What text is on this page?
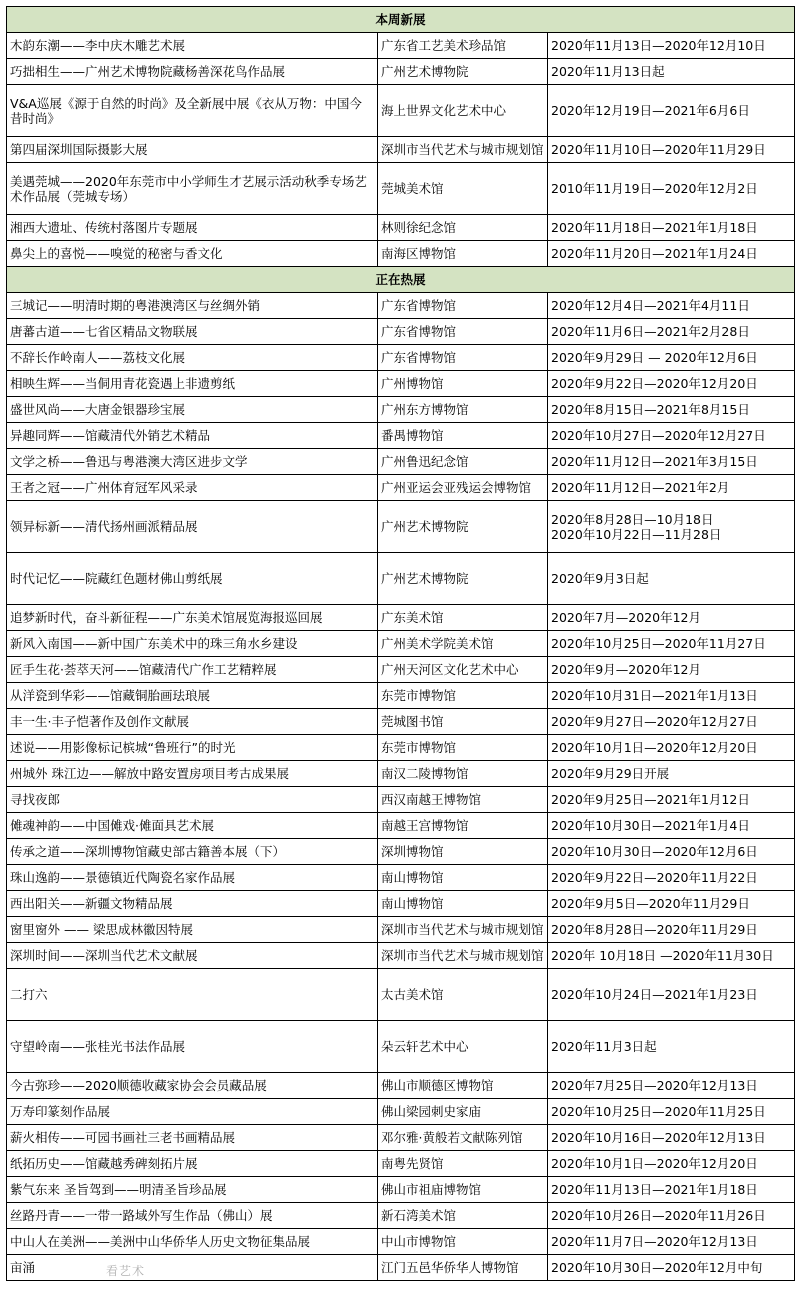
本周新展		
木韵东潮——李中庆木雕艺术展	广东省工艺美术珍品馆	2020年11月13日—2020年12月10日

巧拙相生——广州艺术博物院藏杨善深花鸟作品展	广州艺术博物院	2020年11月13日起

V&A巡展《源于自然的时尚》及全新展中展《衣从万物：中国今昔时尚》	海上世界文化艺术中心	2020年12月19日—2021年6月6日

第四届深圳国际摄影大展	深圳市当代艺术与城市规划馆	2020年11月10日—2020年11月29日

美遇莞城——2020年东莞市中小学师生才艺展示活动秋季专场艺术作品展（莞城专场）	莞城美术馆	2010年11月19日—2020年12月2日

湘西大遗址、传统村落图片专题展	林则徐纪念馆	2020年11月18日—2021年1月18日

鼻尖上的喜悦——嗅觉的秘密与香文化	南海区博物馆	2020年11月20日—2021年1月24日

正在热展		
三城记——明清时期的粤港澳湾区与丝绸外销	广东省博物馆	2020年12月4日—2021年4月11日

唐蕃古道——七省区精品文物联展	广东省博物馆	2020年11月6日—2021年2月28日

不辞长作岭南人——荔枝文化展	广东省博物馆	2020年9月29日 — 2020年12月6日

相映生辉——当侗用青花瓷遇上非遗剪纸	广州博物馆	2020年9月22日—2020年12月20日

盛世风尚——大唐金银器珍宝展	广州东方博物馆	2020年8月15日—2021年8月15日

异趣同辉——馆藏清代外销艺术精品	番禺博物馆	2020年10月27日—2020年12月27日

文学之桥——鲁迅与粤港澳大湾区进步文学	广州鲁迅纪念馆	2020年11月12日—2021年3月15日

王者之冠——广州体育冠军风采录	广州亚运会亚残运会博物馆	2020年11月12日—2021年2月

领异标新——清代扬州画派精品展	广州艺术博物院	2020年8月28日—10月18日
2020年10月22日—11月28日

时代记忆——院藏红色题材佛山剪纸展	广州艺术博物院	2020年9月3日起

追梦新时代，奋斗新征程——广东美术馆展览海报巡回展	广东美术馆	2020年7月—2020年12月

新风入南国——新中国广东美术中的珠三角水乡建设	广州美术学院美术馆	2020年10月25日—2020年11月27日

匠手生花·荟萃天河——馆藏清代广作工艺精粹展	广州天河区文化艺术中心	2020年9月—2020年12月

从洋瓷到华彩——馆藏铜胎画珐琅展	东莞市博物馆	2020年10月31日—2021年1月13日

丰一生·丰子恺著作及创作文献展	莞城图书馆	2020年9月27日—2020年12月27日

述说——用影像标记槟城“鲁班行”的时光	东莞市博物馆	2020年10月1日—2020年12月20日

州城外 珠江边——解放中路安置房项目考古成果展	南汉二陵博物馆	2020年9月29日开展

寻找夜郎	西汉南越王博物馆	2020年9月25日—2021年1月12日

傩魂神韵——中国傩戏·傩面具艺术展	南越王宫博物馆	2020年10月30日—2021年1月4日

传承之道——深圳博物馆藏史部古籍善本展（下）	深圳博物馆	2020年10月30日—2020年12月6日

珠山逸韵——景德镇近代陶瓷名家作品展	南山博物馆	2020年9月22日—2020年11月22日

西出阳关——新疆文物精品展	南山博物馆	2020年9月5日—2020年11月29日

窗里窗外 —— 梁思成林徽因特展	深圳市当代艺术与城市规划馆	2020年8月28日—2020年11月29日

深圳时间——深圳当代艺术文献展	深圳市当代艺术与城市规划馆	2020年 10月18日 —2020年11月30日

二打六	太古美术馆	2020年10月24日—2021年1月23日

守望岭南——张桂光书法作品展	朵云轩艺术中心	2020年11月3日起

今古弥珍——2020顺德收藏家协会会员藏品展	佛山市顺德区博物馆	2020年7月25日—2020年12月13日

万寿印篆刻作品展	佛山梁园刺史家庙	2020年10月25日—2020年11月25日

薪火相传——可园书画社三老书画精品展	邓尔雅·黄般若文献陈列馆	2020年10月16日—2020年12月13日

纸拓历史——馆藏越秀碑刻拓片展	南粤先贤馆	2020年10月1日—2020年12月20日

紫气东来 圣旨驾到——明清圣旨珍品展	佛山市祖庙博物馆	2020年11月13日—2021年1月18日

丝路丹青——一带一路域外写生作品（佛山）展	新石湾美术馆	2020年10月26日—2020年11月26日

中山人在美洲——美洲中山华侨华人历史文物征集品展	中山市博物馆	2020年11月7日—2020年12月13日

亩涌	江门五邑华侨华人博物馆	2020年10月30日—2020年12月中旬
看艺术
